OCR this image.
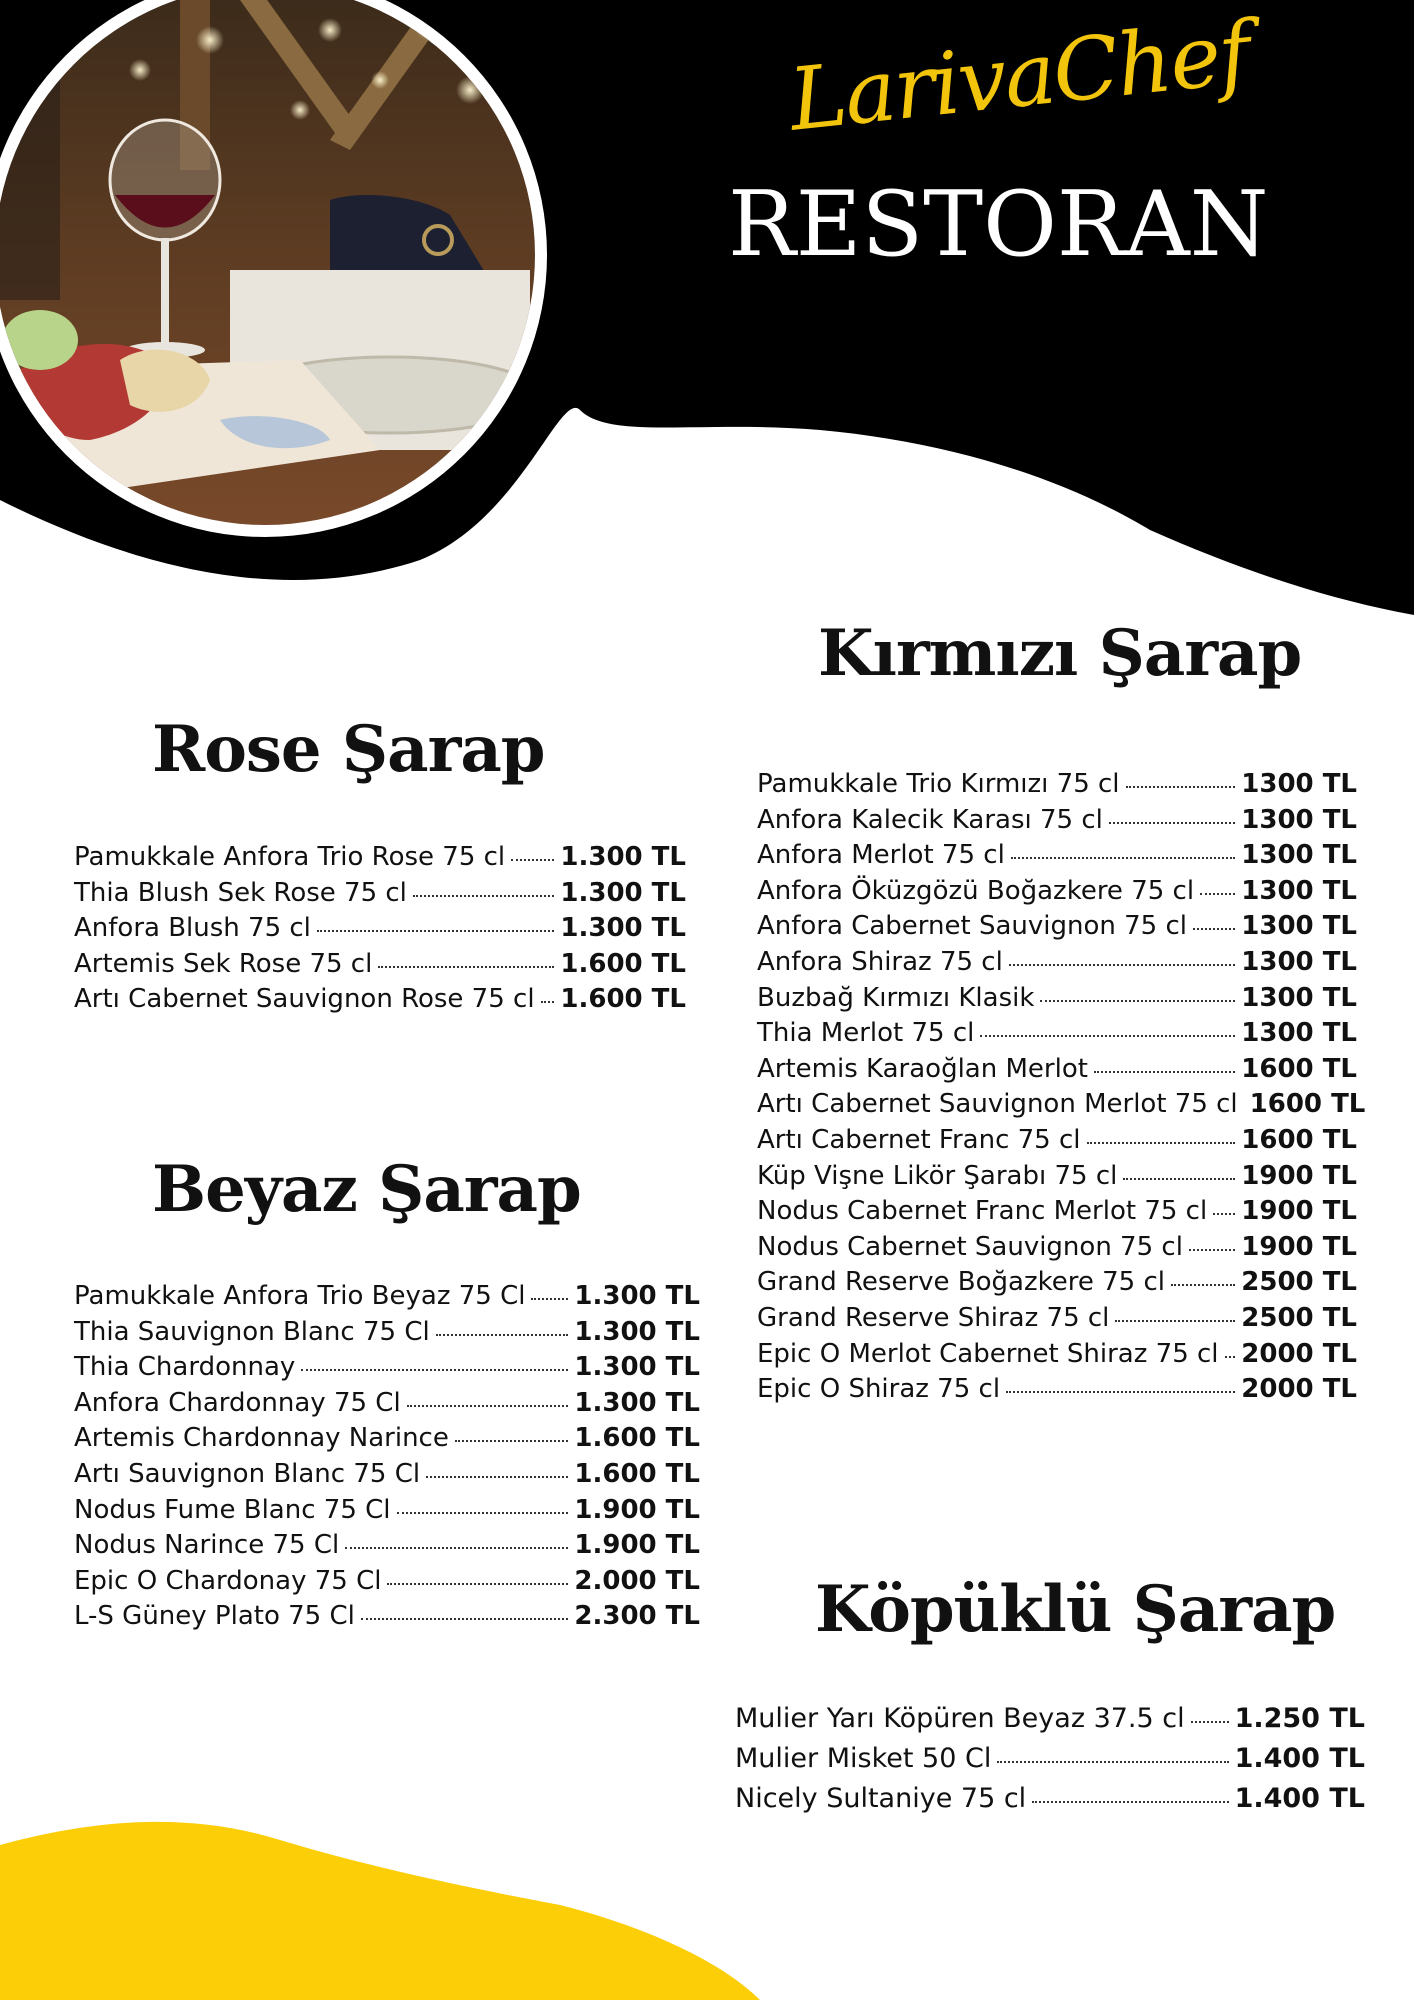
LarivaChef
RESTORAN
Kırmızı Şarap
Rose Şarap
Beyaz Şarap
Köpüklü Şarap
Pamukkale Anfora Trio Rose 75 cl 1.300 TL
Thia Blush Sek Rose 75 cl	1.300 TL
Anfora Blush 75 cl	1.300 TL
Artemis Sek Rose 75 cl	1.600 TL
Artı Cabernet Sauvignon Rose 75 cl 1.600 TL
Pamukkale Anfora Trio Beyaz 75 Cl 1.300 TL
Thia Sauvignon Blanc 75 Cl	1.300 TL
Thia Chardonnay	1.300 TL
Anfora Chardonnay 75 Cl	1.300 TL
Artemis Chardonnay Narince	1.600 TL
Artı Sauvignon Blanc 75 Cl	1.600 TL
Nodus Fume Blanc 75 Cl	1.900 TL
Nodus Narince 75 Cl	1.900 TL
Epic O Chardonay 75 Cl	2.000 TL
L-S Güney Plato 75 Cl	2.300 TL
Pamukkale Trio Kırmızı 75 cl	1300 TL
Anfora Kalecik Karası 75 cl	1300 TL
Anfora Merlot 75 cl	1300 TL
Anfora Öküzgözü Boğazkere 75 cl 1300 TL
Anfora Cabernet Sauvignon 75 cl 1300 TL
Anfora Shiraz 75 cl	1300 TL
Buzbağ Kırmızı Klasik	1300 TL
Thia Merlot 75 cl	1300 TL
Artemis Karaoğlan Merlot	1600 TL
Artı Cabernet Sauvignon Merlot 75 cl 1600 TL
Artı Cabernet Franc 75 cl	1600 TL
Küp Vişne Likör Şarabı 75 cl	1900 TL
Nodus Cabernet Franc Merlot 75 cl 1900 TL
Nodus Cabernet Sauvignon 75 cl 1900 TL
Grand Reserve Boğazkere 75 cl	2500 TL
Grand Reserve Shiraz 75 cl	2500 TL
Epic O Merlot Cabernet Shiraz 75 cl 2000 TL
Epic O Shiraz 75 cl	2000 TL
Mulier Yarı Köpüren Beyaz 37.5 cl 1.250 TL
Mulier Misket 50 Cl	1.400 TL
Nicely Sultaniye 75 cl	1.400 TL
